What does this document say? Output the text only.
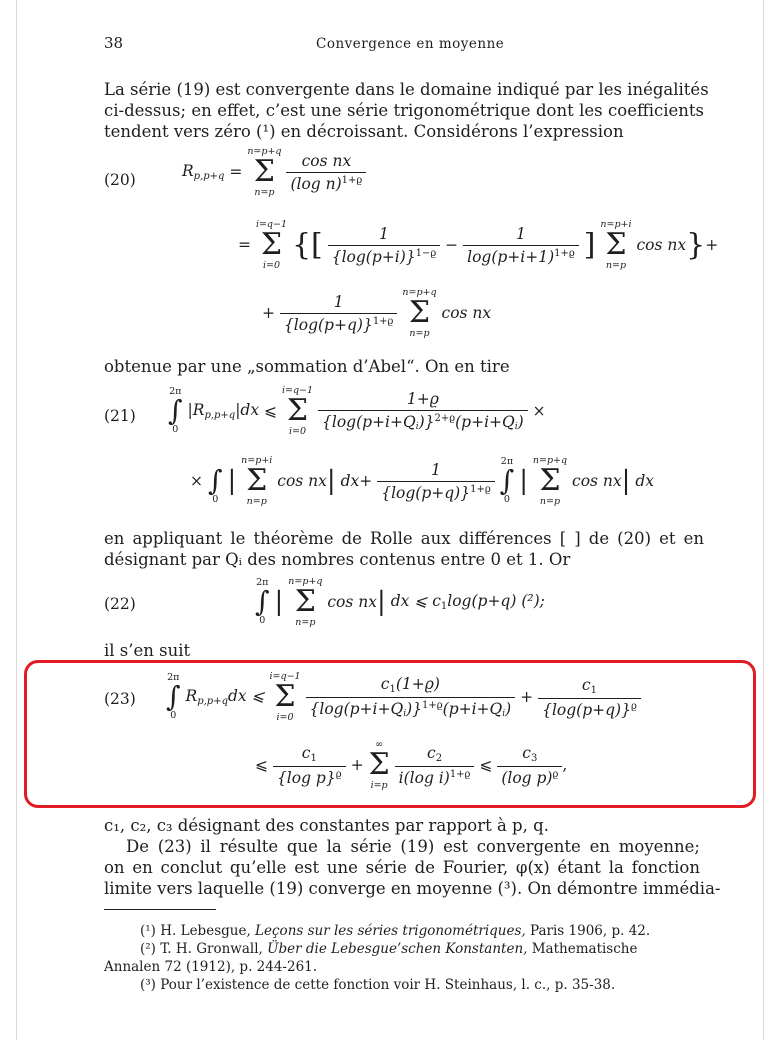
38	Convergence en moyenne
La série (19) est convergente dans le domaine indiqué par les inégalités
ci-dessus; en effet, c’est une série trigonométrique dont les coefficients
tendent vers zéro (¹) en décroissant. Considérons l’expression
(20)	$R_{p,p+q}$ =
n=p+q
Σ
n=p
$\frac{\text{cos nx}}{(\log n)^{1+ϱ}}$
=
i=q−1
Σ
i=0
{[ $\frac{1}{\{\log(p+i)\}^{1-ϱ}} - \frac{1}{\log(p+i+1)^{1+ϱ}}$ ]
n=p+i
Σ
n=p
cos nx}+
+ $\frac{1}{\{\log(p+q)\}^{1+ϱ}}$
n=p+q
Σ
n=p
cos nx
obtenue par une „sommation d’Abel“. On en tire
(21)
2π
∫
0
$|R_{p,p+q}|dx$ ⩽
i=q−1
Σ
i=0
$\frac{1+ϱ}{\{\log(p+i+Q_i)\}^{2+ϱ}(p+i+Q_i)}$ ×
×
∫
0
|
n=p+i
Σ
n=p
cos nx| $dx+ \frac{1}{\{\log(p+q)\}^{1+ϱ}}$
2π
∫
0
|
n=p+q
Σ
n=p
cos nx| dx
en appliquant le théorème de Rolle aux différences [ ] de (20) et en
désignant par Qᵢ des nombres contenus entre 0 et 1. Or
(22)
2π
∫
0
|
n=p+q
Σ
n=p
cos nx| dx ⩽ $c_1\log(p+q)$ (²);
il s’en suit
(23)
2π
∫
0
$R_{p,p+q}dx$ ⩽
i=q−1
Σ
i=0
$\frac{c_1(1+ϱ)}{\{\log(p+i+Q_i)\}^{1+ϱ}(p+i+Q_i)} + \frac{c_1}{\{\log(p+q)\}^ϱ}$
⩽ $\frac{c_1}{\{\log p\}^ϱ}$ +
∞
Σ
i=p
$\frac{c_2}{i(\log i)^{1+ϱ}}$ ⩽ $\frac{c_3}{(\log p)^ϱ}$ ,
c₁, c₂, c₃ désignant des constantes par rapport à p, q.
De (23) il résulte que la série (19) est convergente en moyenne;
on en conclut qu’elle est une série de Fourier, φ(x) étant la fonction
limite vers laquelle (19) converge en moyenne (³). On démontre immédia-
(¹) H. Lebesgue, Leçons sur les séries trigonométriques, Paris 1906, p. 42.
(²) T. H. Gronwall, Über die Lebesgue’schen Konstanten, Mathematische
Annalen 72 (1912), p. 244-261.
(³) Pour l’existence de cette fonction voir H. Steinhaus, l. c., p. 35-38.
